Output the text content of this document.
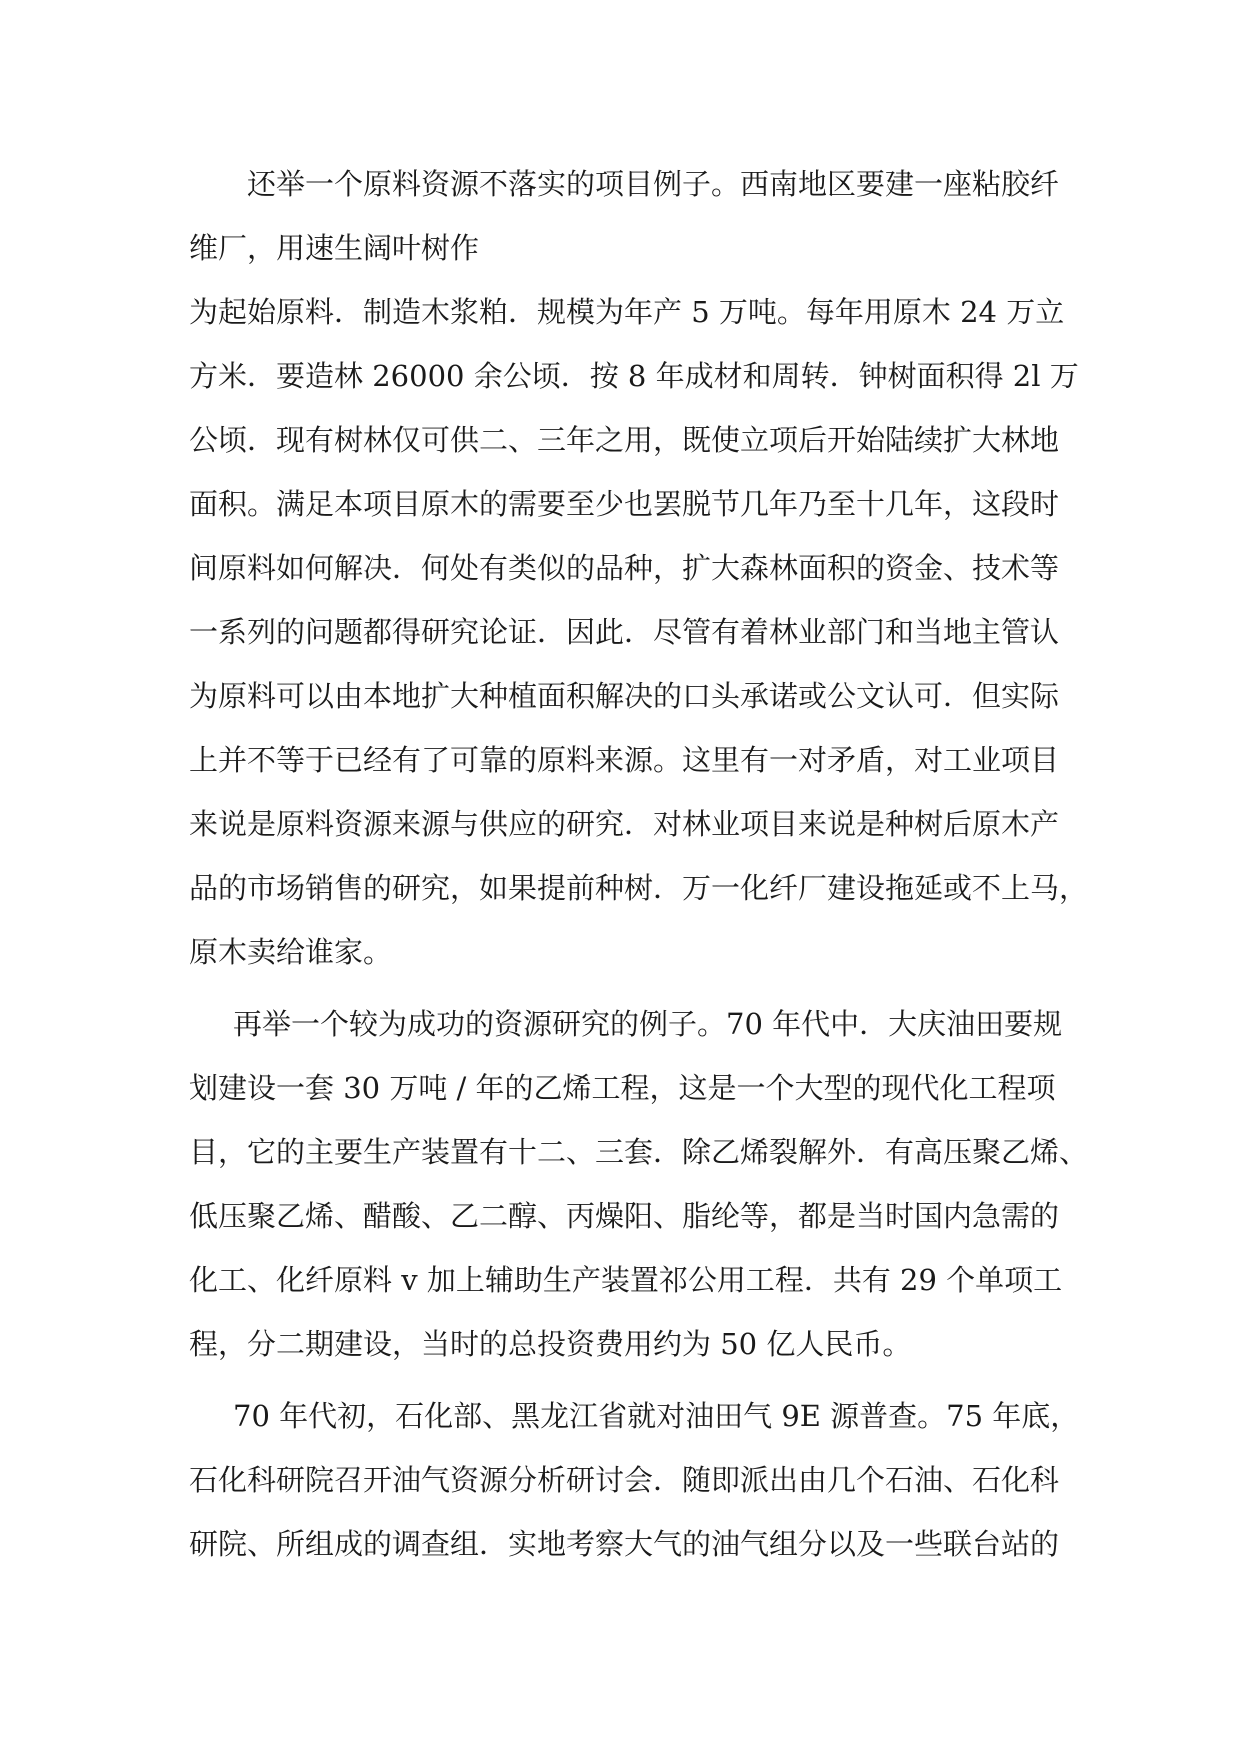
还举一个原料资源不落实的项目例子。西南地区要建一座粘胶纤
维厂，用速生阔叶树作
为起始原料．制造木浆粕．规模为年产 5 万吨。每年用原木 24 万立
方米．要造林 26000 余公顷．按 8 年成材和周转．钟树面积得 2l 万
公顷．现有树林仅可供二、三年之用，既使立项后开始陆续扩大林地
面积。满足本项目原木的需要至少也罢脱节几年乃至十几年，这段时
间原料如何解决．何处有类似的品种，扩大森林面积的资金、技术等
一系列的问题都得研究论证．因此．尽管有着林业部门和当地主管认
为原料可以由本地扩大种植面积解决的口头承诺或公文认可．但实际
上并不等于已经有了可靠的原料来源。这里有一对矛盾，对工业项目
来说是原料资源来源与供应的研究．对林业项目来说是种树后原木产
品的市场销售的研究，如果提前种树．万一化纤厂建设拖延或不上马，
原木卖给谁家。
再举一个较为成功的资源研究的例子。70 年代中．大庆油田要规
划建设一套 30 万吨 / 年的乙烯工程，这是一个大型的现代化工程项
目，它的主要生产装置有十二、三套．除乙烯裂解外．有高压聚乙烯、
低压聚乙烯、醋酸、乙二醇、丙燥阳、脂纶等，都是当时国内急需的
化工、化纤原料 v 加上辅助生产装置祁公用工程．共有 29 个单项工
程，分二期建设，当时的总投资费用约为 50 亿人民币。
70 年代初，石化部、黑龙江省就对油田气 9E 源普查。75 年底，
石化科研院召开油气资源分析研讨会．随即派出由几个石油、石化科
研院、所组成的调查组．实地考察大气的油气组分以及一些联台站的
